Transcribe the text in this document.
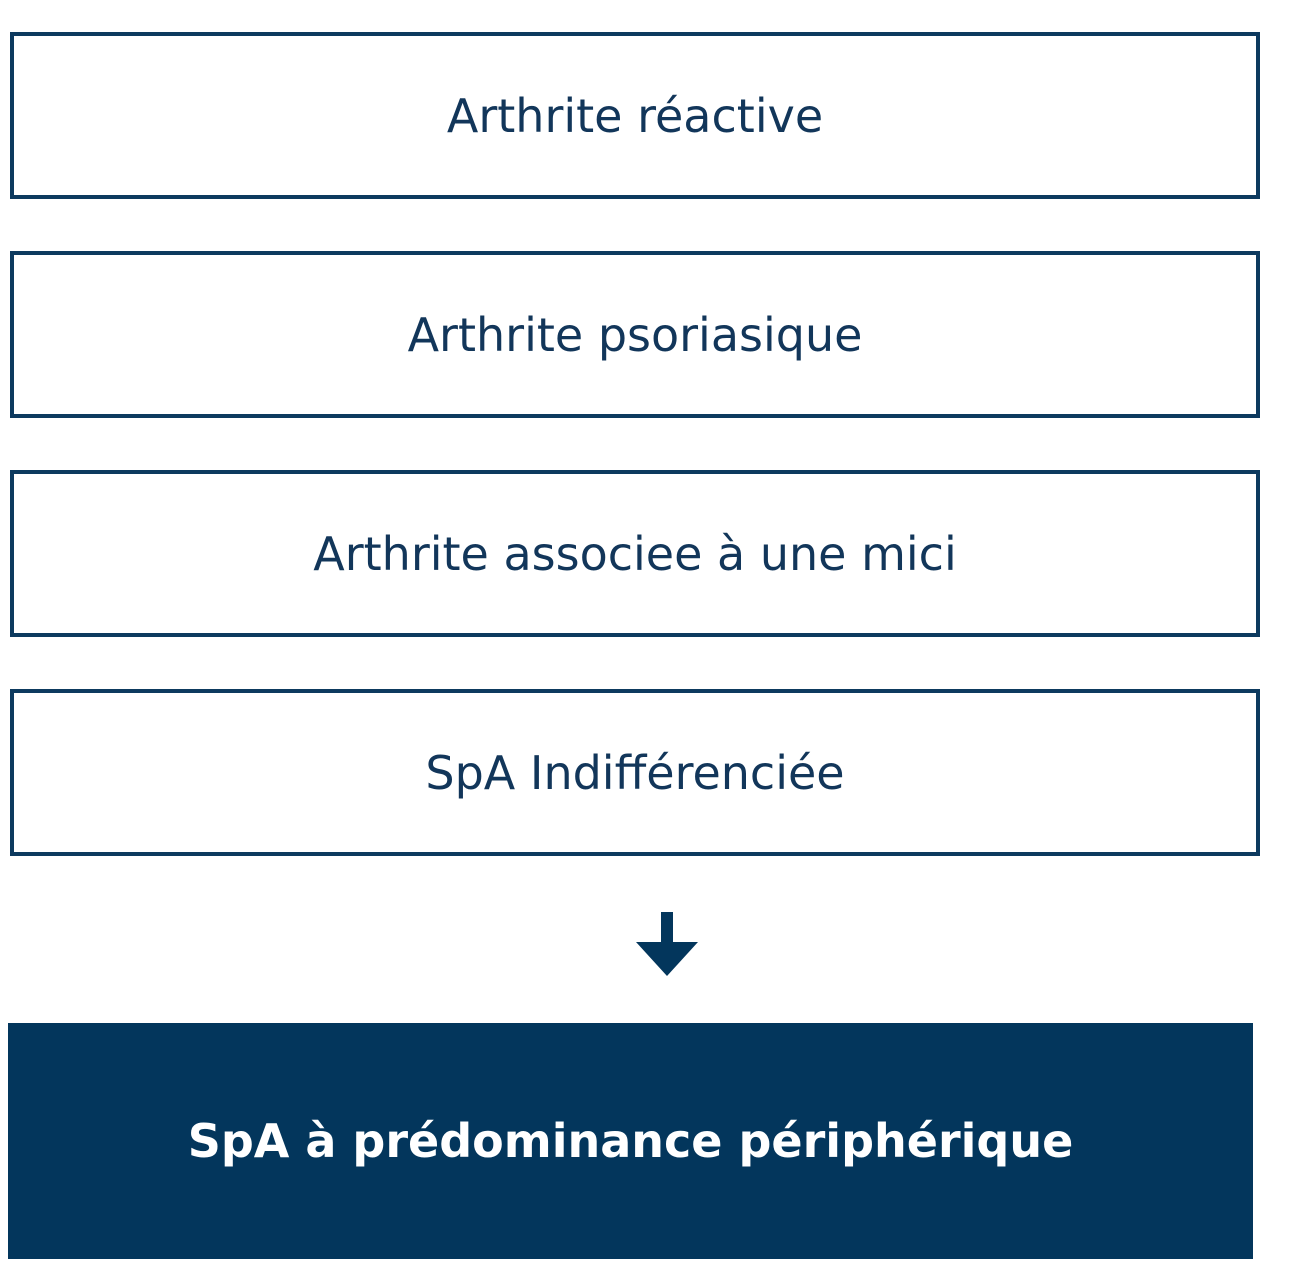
Arthrite réactive
Arthrite psoriasique
Arthrite associee à une mici
SpA Indifférenciée
SpA à prédominance périphérique
